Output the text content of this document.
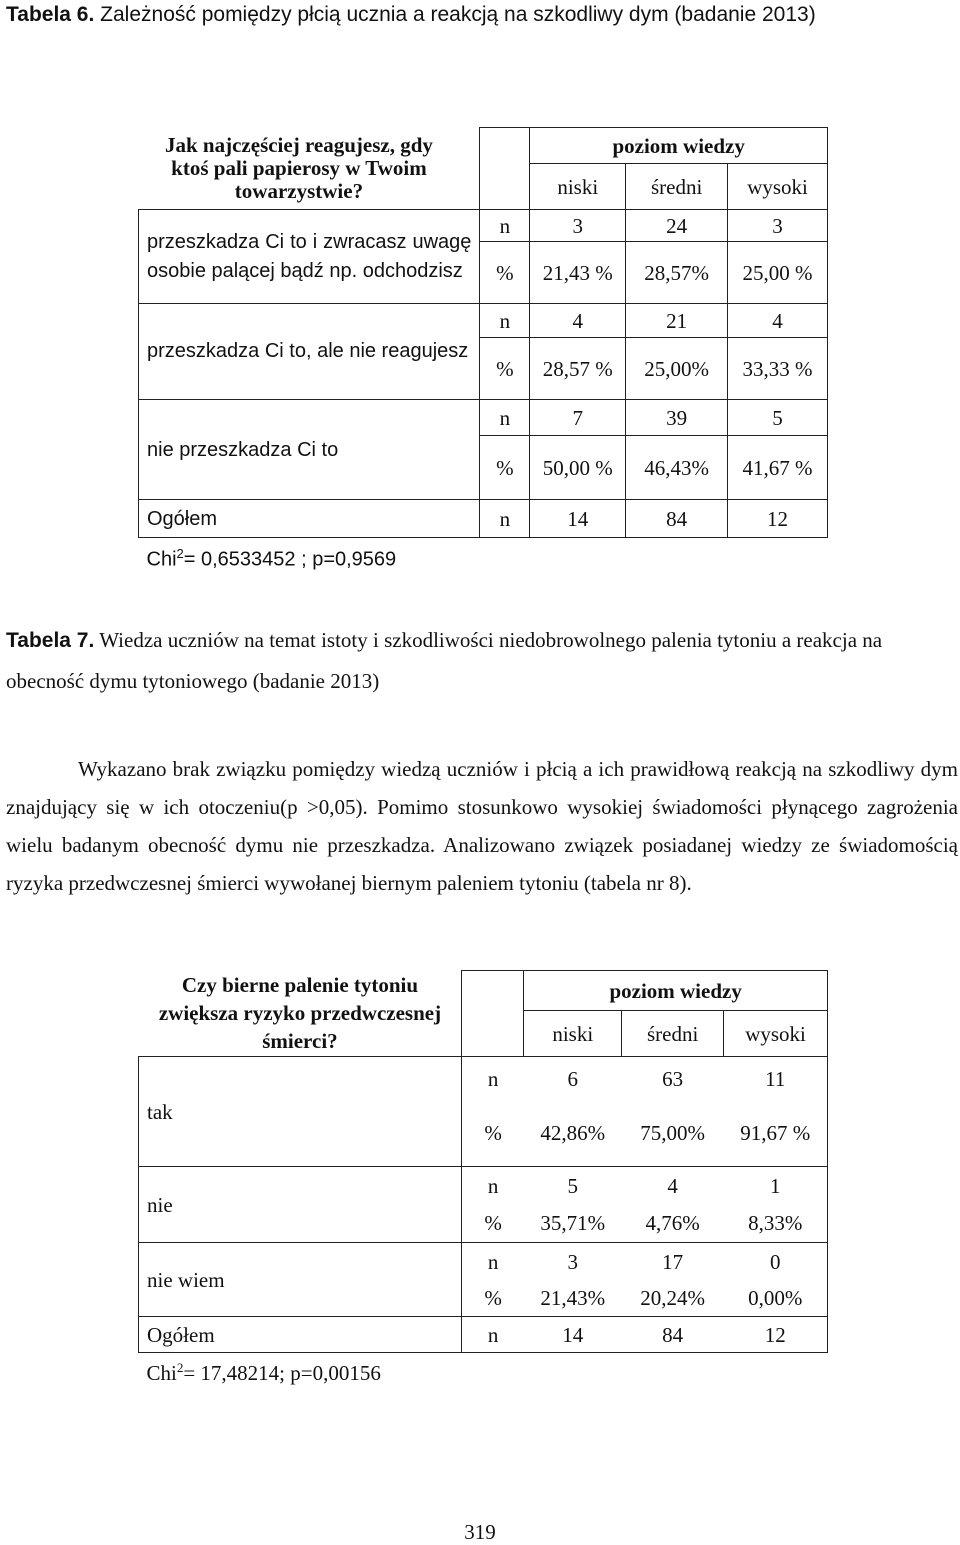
Tabela 6. Zależność pomiędzy płcią ucznia a reakcją na szkodliwy dym (badanie 2013)
Jak najczęściej reagujesz, gdy ktoś pali papierosy w Twoim towarzystwie?		poziom wiedzy		
		niski	średni	wysoki
przeszkadza Ci to i zwracasz uwagę osobie palącej bądź np. odchodzisz	n	3	24	3
	%	21,43 %	28,57%	25,00 %
przeszkadza Ci to, ale nie reagujesz	n	4	21	4
	%	28,57 %	25,00%	33,33 %
nie przeszkadza Ci to	n	7	39	5
	%	50,00 %	46,43%	41,67 %
Ogółem	n	14	84	12
Chi$^2$= 0,6533452 ; p=0,9569				
Tabela 7. Wiedza uczniów na temat istoty i szkodliwości niedobrowolnego palenia tytoniu a reakcja na obecność dymu tytoniowego (badanie 2013)
Wykazano brak związku pomiędzy wiedzą uczniów i płcią a ich prawidłową reakcją na szkodliwy dym znajdujący się w ich otoczeniu(p >0,05). Pomimo stosunkowo wysokiej świadomości płynącego zagrożenia wielu badanym obecność dymu nie przeszkadza. Analizowano związek posiadanej wiedzy ze świadomością ryzyka przedwczesnej śmierci wywołanej biernym paleniem tytoniu (tabela nr 8).
Czy bierne palenie tytoniu zwiększa ryzyko przedwczesnej śmierci?		poziom wiedzy		
		niski	średni	wysoki
tak	n	6	63	11
	%	42,86%	75,00%	91,67 %
nie	n	5	4	1
	%	35,71%	4,76%	8,33%
nie wiem	n	3	17	0
	%	21,43%	20,24%	0,00%
Ogółem	n	14	84	12
Chi$^2$= 17,48214; p=0,00156				
319
